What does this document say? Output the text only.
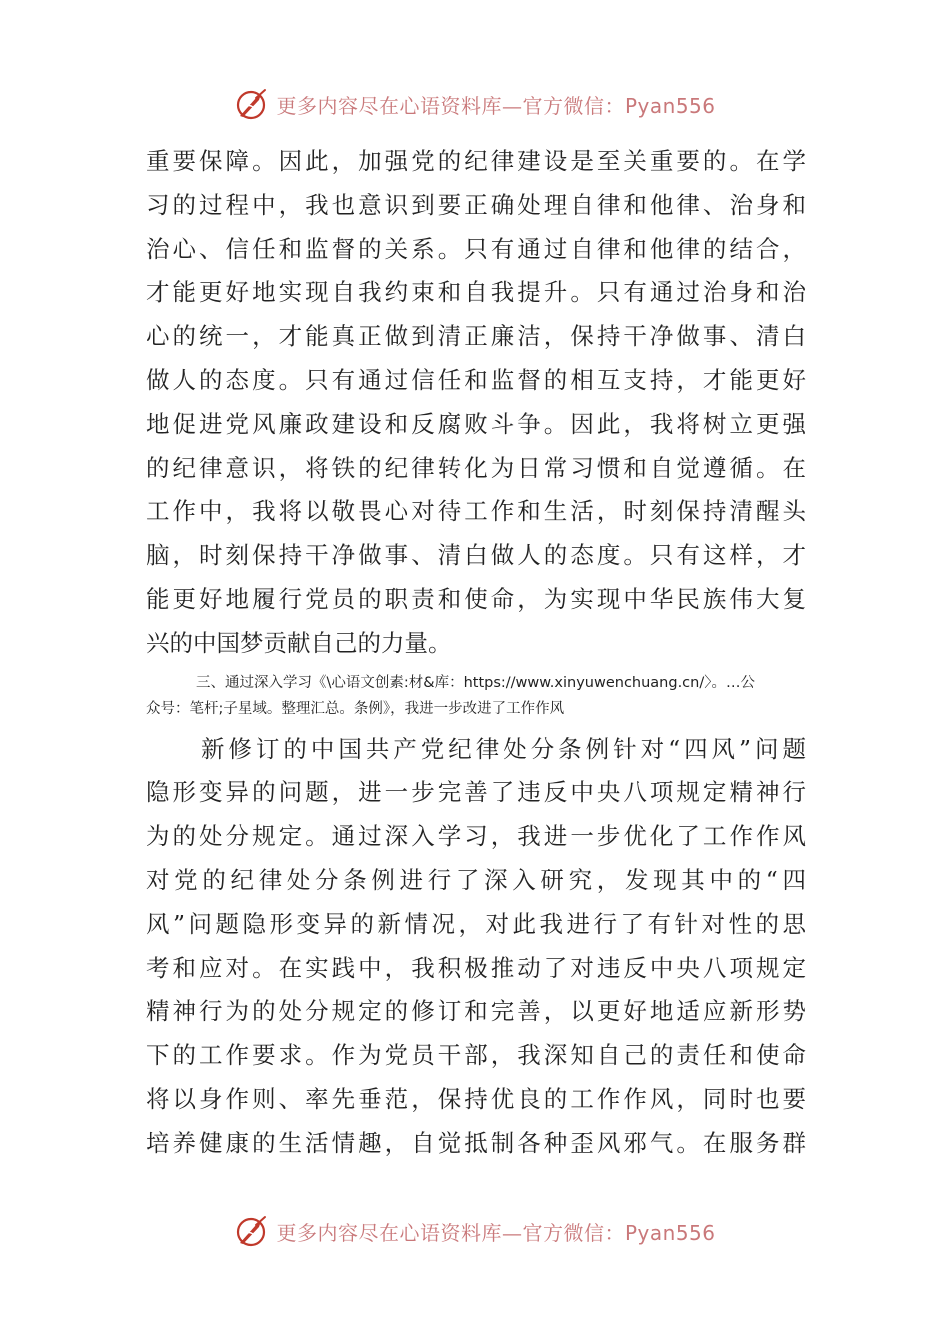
更多内容尽在心语资料库—官方微信：Pyan556
重要保障。因此，加强党的纪律建设是至关重要的。在学
习的过程中，我也意识到要正确处理自律和他律、治身和
治心、信任和监督的关系。只有通过自律和他律的结合，
才能更好地实现自我约束和自我提升。只有通过治身和治
心的统一，才能真正做到清正廉洁，保持干净做事、清白
做人的态度。只有通过信任和监督的相互支持，才能更好
地促进党风廉政建设和反腐败斗争。因此，我将树立更强
的纪律意识，将铁的纪律转化为日常习惯和自觉遵循。在
工作中，我将以敬畏心对待工作和生活，时刻保持清醒头
脑，时刻保持干净做事、清白做人的态度。只有这样，才
能更好地履行党员的职责和使命，为实现中华民族伟大复
兴的中国梦贡献自己的力量。
三、通过深入学习《\心语文创素:材&库：https://www.xinyuwenchuang.cn/〉。…公
众号：笔杆;子星域。整理汇总。条例》，我进一步改进了工作作风
　　新修订的中国共产党纪律处分条例针对“四风”问题
隐形变异的问题，进一步完善了违反中央八项规定精神行
为的处分规定。通过深入学习，我进一步优化了工作作风
对党的纪律处分条例进行了深入研究，发现其中的“四
风”问题隐形变异的新情况，对此我进行了有针对性的思
考和应对。在实践中，我积极推动了对违反中央八项规定
精神行为的处分规定的修订和完善，以更好地适应新形势
下的工作要求。作为党员干部，我深知自己的责任和使命
将以身作则、率先垂范，保持优良的工作作风，同时也要
培养健康的生活情趣，自觉抵制各种歪风邪气。在服务群
更多内容尽在心语资料库—官方微信：Pyan556
